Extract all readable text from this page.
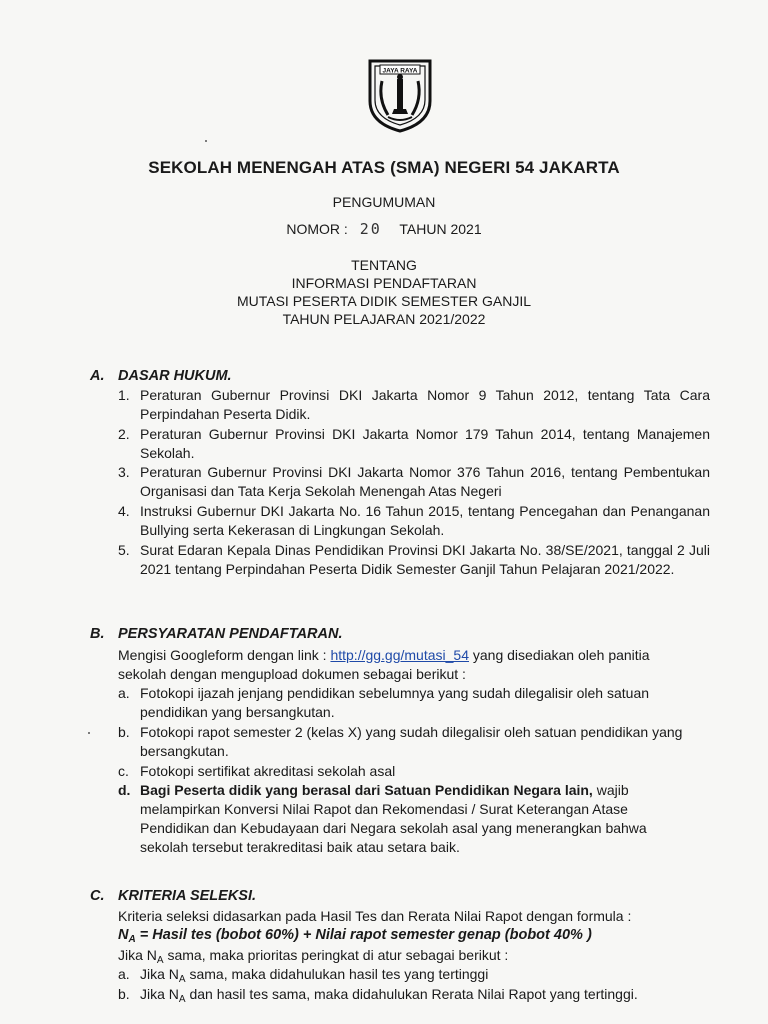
JAYA RAYA
SEKOLAH MENENGAH ATAS (SMA) NEGERI 54 JAKARTA
PENGUMUMAN
NOMOR : 20 TAHUN 2021
TENTANG
INFORMASI PENDAFTARAN
MUTASI PESERTA DIDIK SEMESTER GANJIL
TAHUN PELAJARAN 2021/2022
A. DASAR HUKUM.
1. Peraturan Gubernur Provinsi DKI Jakarta Nomor 9 Tahun 2012, tentang Tata Cara Perpindahan Peserta Didik.
2. Peraturan Gubernur Provinsi DKI Jakarta Nomor 179 Tahun 2014, tentang Manajemen Sekolah.
3. Peraturan Gubernur Provinsi DKI Jakarta Nomor 376 Tahun 2016, tentang Pembentukan Organisasi dan Tata Kerja Sekolah Menengah Atas Negeri
4. Instruksi Gubernur DKI Jakarta No. 16 Tahun 2015, tentang Pencegahan dan Penanganan Bullying serta Kekerasan di Lingkungan Sekolah.
5. Surat Edaran Kepala Dinas Pendidikan Provinsi DKI Jakarta No. 38/SE/2021, tanggal 2 Juli 2021 tentang Perpindahan Peserta Didik Semester Ganjil Tahun Pelajaran 2021/2022.
B. PERSYARATAN PENDAFTARAN.
Mengisi Googleform dengan link : http://gg.gg/mutasi_54 yang disediakan oleh panitia
sekolah dengan mengupload dokumen sebagai berikut :
a. Fotokopi ijazah jenjang pendidikan sebelumnya yang sudah dilegalisir oleh satuan pendidikan yang bersangkutan.
b. Fotokopi rapot semester 2 (kelas X) yang sudah dilegalisir oleh satuan pendidikan yang bersangkutan.
c. Fotokopi sertifikat akreditasi sekolah asal
d. Bagi Peserta didik yang berasal dari Satuan Pendidikan Negara lain, wajib melampirkan Konversi Nilai Rapot dan Rekomendasi / Surat Keterangan Atase Pendidikan dan Kebudayaan dari Negara sekolah asal yang menerangkan bahwa sekolah tersebut terakreditasi baik atau setara baik.
C. KRITERIA SELEKSI.
Kriteria seleksi didasarkan pada Hasil Tes dan Rerata Nilai Rapot dengan formula :
$N_A$ = Hasil tes (bobot 60%) + Nilai rapot semester genap (bobot 40% )
Jika $N_A$ sama, maka prioritas peringkat di atur sebagai berikut :
a. Jika $N_A$ sama, maka didahulukan hasil tes yang tertinggi
b. Jika $N_A$ dan hasil tes sama, maka didahulukan Rerata Nilai Rapot yang tertinggi.
